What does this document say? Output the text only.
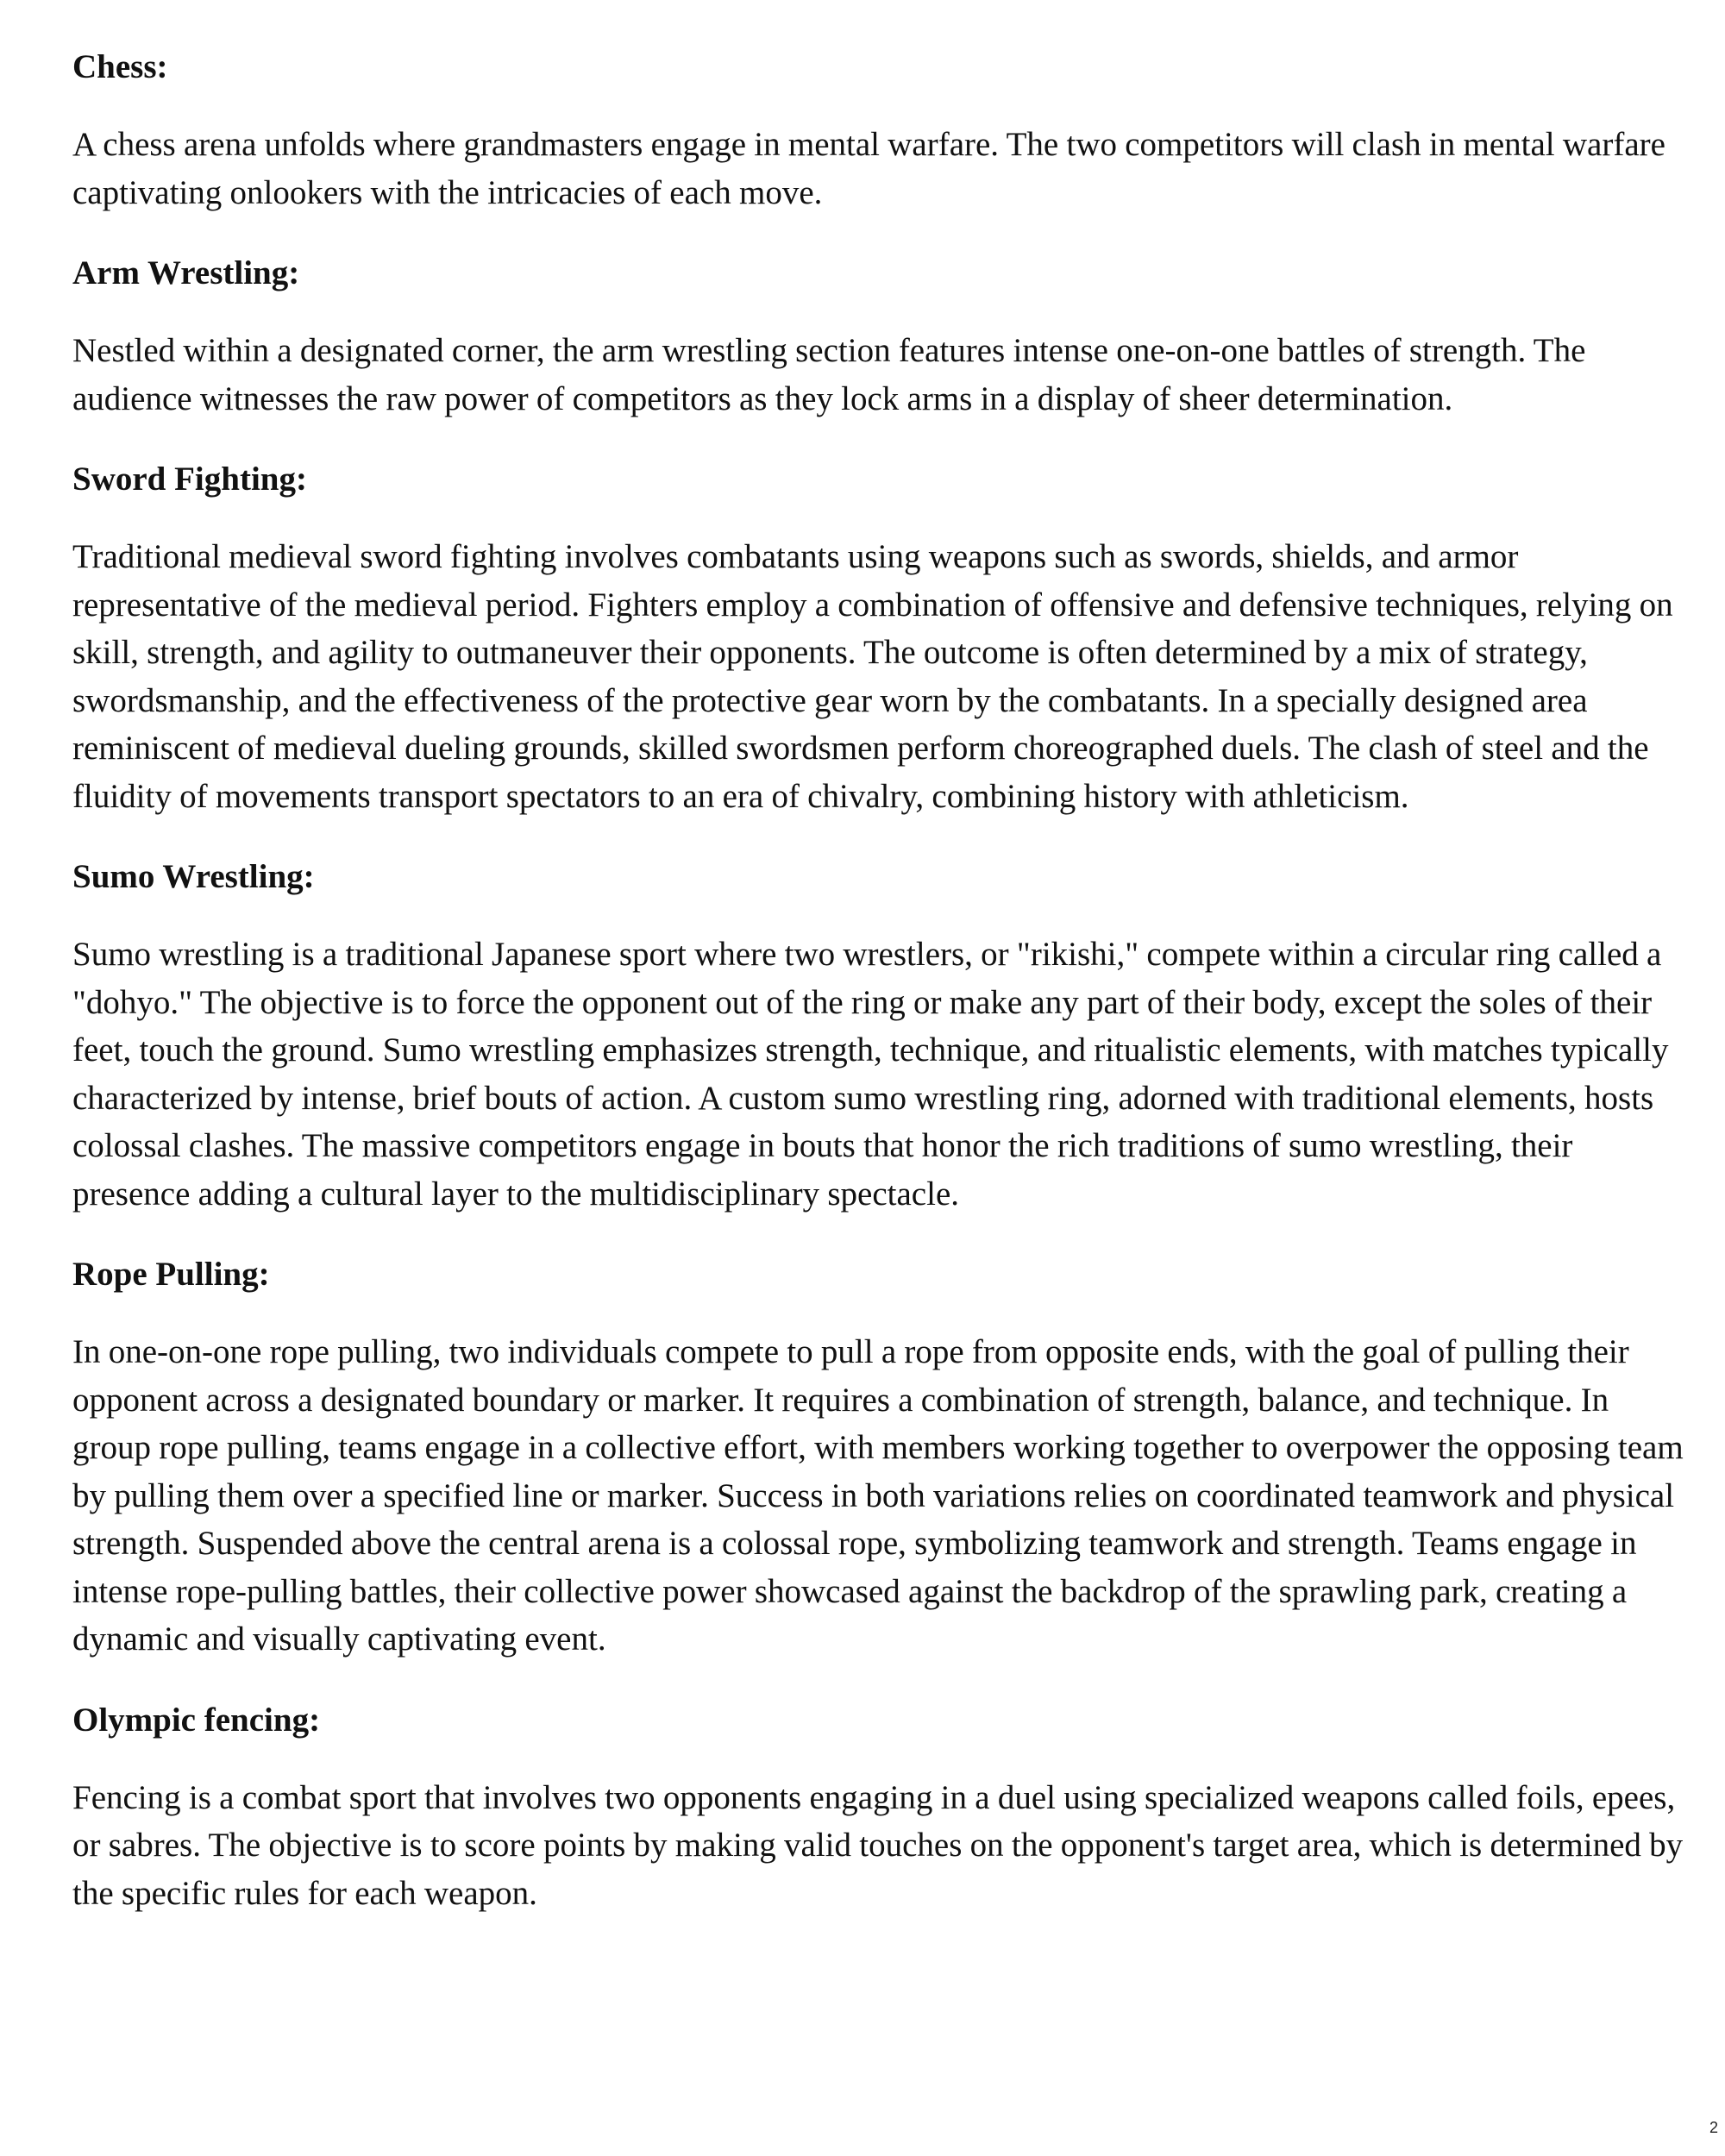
Chess:

A chess arena unfolds where grandmasters engage in mental warfare. The two competitors will clash in mental warfare captivating onlookers with the intricacies of each move.

Arm Wrestling:

Nestled within a designated corner, the arm wrestling section features intense one-on-one battles of strength. The audience witnesses the raw power of competitors as they lock arms in a display of sheer determination.

Sword Fighting:

Traditional medieval sword fighting involves combatants using weapons such as swords, shields, and armor representative of the medieval period. Fighters employ a combination of offensive and defensive techniques, relying on skill, strength, and agility to outmaneuver their opponents. The outcome is often determined by a mix of strategy, swordsmanship, and the effectiveness of the protective gear worn by the combatants. In a specially designed area reminiscent of medieval dueling grounds, skilled swordsmen perform choreographed duels. The clash of steel and the fluidity of movements transport spectators to an era of chivalry, combining history with athleticism.

Sumo Wrestling:

Sumo wrestling is a traditional Japanese sport where two wrestlers, or "rikishi," compete within a circular ring called a "dohyo." The objective is to force the opponent out of the ring or make any part of their body, except the soles of their feet, touch the ground. Sumo wrestling emphasizes strength, technique, and ritualistic elements, with matches typically characterized by intense, brief bouts of action. A custom sumo wrestling ring, adorned with traditional elements, hosts colossal clashes. The massive competitors engage in bouts that honor the rich traditions of sumo wrestling, their presence adding a cultural layer to the multidisciplinary spectacle.

Rope Pulling:

In one-on-one rope pulling, two individuals compete to pull a rope from opposite ends, with the goal of pulling their opponent across a designated boundary or marker. It requires a combination of strength, balance, and technique. In group rope pulling, teams engage in a collective effort, with members working together to overpower the opposing team by pulling them over a specified line or marker. Success in both variations relies on coordinated teamwork and physical strength. Suspended above the central arena is a colossal rope, symbolizing teamwork and strength. Teams engage in intense rope-pulling battles, their collective power showcased against the backdrop of the sprawling park, creating a dynamic and visually captivating event.

Olympic fencing:

Fencing is a combat sport that involves two opponents engaging in a duel using specialized weapons called foils, epees, or sabres. The objective is to score points by making valid touches on the opponent's target area, which is determined by the specific rules for each weapon.

2
